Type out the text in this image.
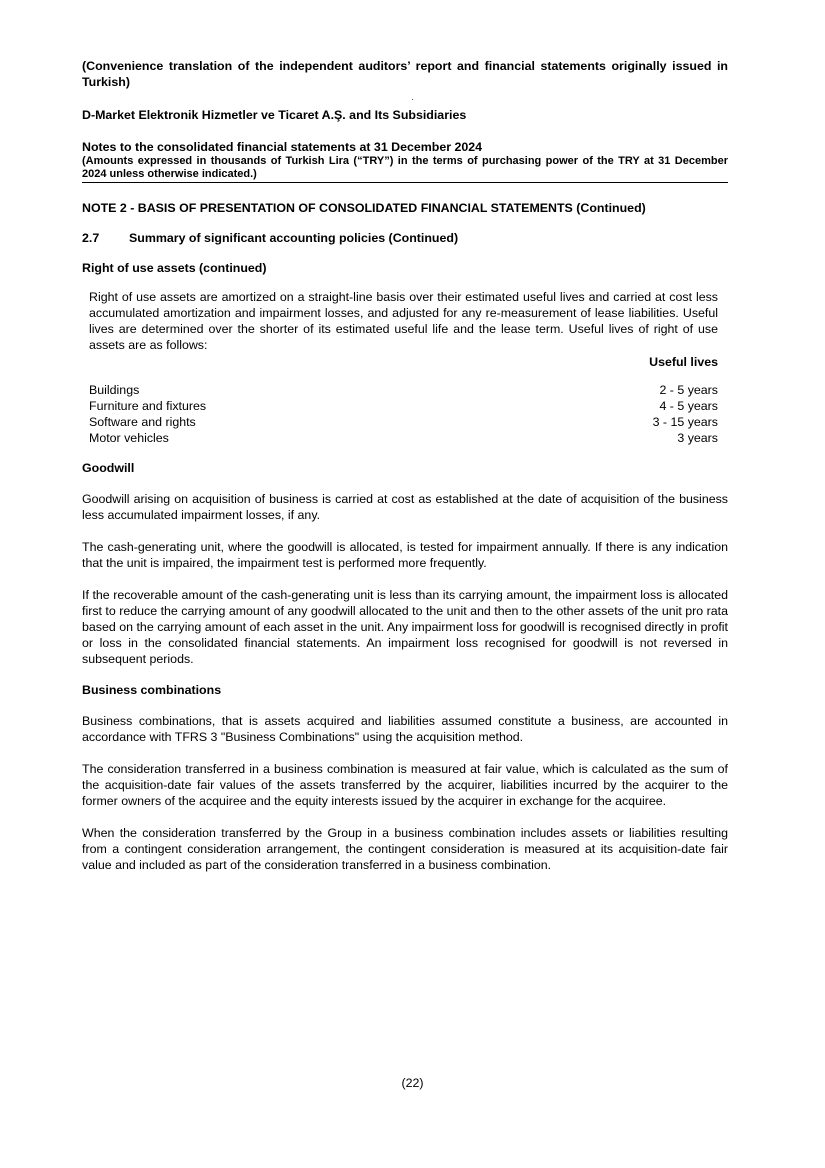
(Convenience translation of the independent auditors’ report and financial statements originally issued in Turkish)

D-Market Elektronik Hizmetler ve Ticaret A.Ş. and Its Subsidiaries

Notes to the consolidated financial statements at 31 December 2024

(Amounts expressed in thousands of Turkish Lira (“TRY”) in the terms of purchasing power of the TRY at 31 December 2024 unless otherwise indicated.)

NOTE 2 - BASIS OF PRESENTATION OF CONSOLIDATED FINANCIAL STATEMENTS (Continued)

2.7	Summary of significant accounting policies (Continued)

Right of use assets (continued)

Right of use assets are amortized on a straight-line basis over their estimated useful lives and carried at cost less accumulated amortization and impairment losses, and adjusted for any re-measurement of lease liabilities. Useful lives are determined over the shorter of its estimated useful life and the lease term. Useful lives of right of use assets are as follows:

Useful lives
Buildings	2 - 5 years
Furniture and fixtures	4 - 5 years
Software and rights	3 - 15 years
Motor vehicles	3 years

Goodwill

Goodwill arising on acquisition of business is carried at cost as established at the date of acquisition of the business less accumulated impairment losses, if any.

The cash-generating unit, where the goodwill is allocated, is tested for impairment annually. If there is any indication that the unit is impaired, the impairment test is performed more frequently.

If the recoverable amount of the cash-generating unit is less than its carrying amount, the impairment loss is allocated first to reduce the carrying amount of any goodwill allocated to the unit and then to the other assets of the unit pro rata based on the carrying amount of each asset in the unit. Any impairment loss for goodwill is recognised directly in profit or loss in the consolidated financial statements. An impairment loss recognised for goodwill is not reversed in subsequent periods.

Business combinations

Business combinations, that is assets acquired and liabilities assumed constitute a business, are accounted in accordance with TFRS 3 "Business Combinations" using the acquisition method.

The consideration transferred in a business combination is measured at fair value, which is calculated as the sum of the acquisition-date fair values of the assets transferred by the acquirer, liabilities incurred by the acquirer to the former owners of the acquiree and the equity interests issued by the acquirer in exchange for the acquiree.

When the consideration transferred by the Group in a business combination includes assets or liabilities resulting from a contingent consideration arrangement, the contingent consideration is measured at its acquisition-date fair value and included as part of the consideration transferred in a business combination.

(22)
